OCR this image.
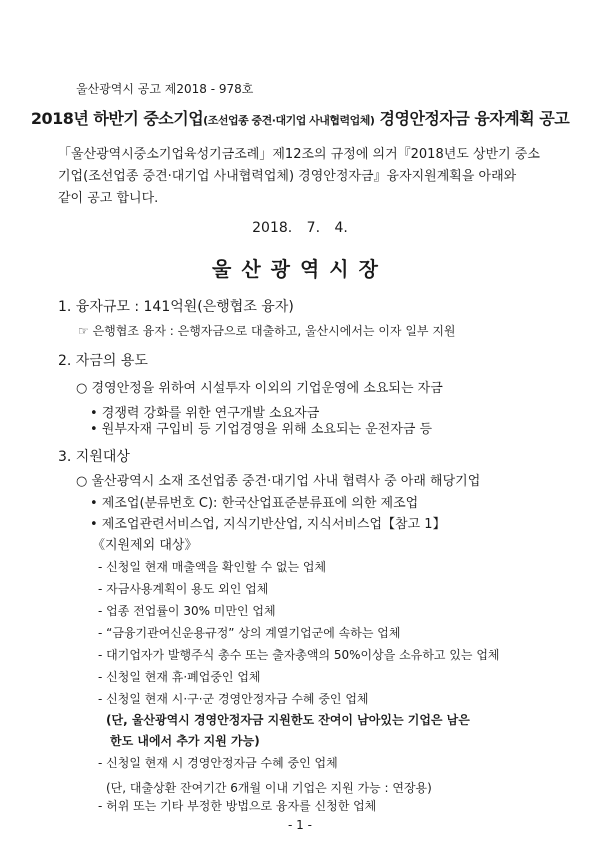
울산광역시 공고 제2018 - 978호
2018년 하반기 중소기업(조선업종 중견·대기업 사내협력업체) 경영안정자금 융자계획 공고

「울산광역시중소기업육성기금조례」제12조의 규정에 의거『2018년도 상반기 중소

기업(조선업종 중견·대기업 사내협력업체) 경영안정자금』융자지원계획을 아래와

같이 공고 합니다.

2018. 7. 4.
울산광역시장
1. 융자규모 : 141억원(은행협조 융자)
☞ 은행협조 융자 : 은행자금으로 대출하고, 울산시에서는 이자 일부 지원
2. 자금의 용도
○ 경영안정을 위하여 시설투자 이외의 기업운영에 소요되는 자금
• 경쟁력 강화를 위한 연구개발 소요자금
• 원부자재 구입비 등 기업경영을 위해 소요되는 운전자금 등
3. 지원대상
○ 울산광역시 소재 조선업종 중견·대기업 사내 협력사 중 아래 해당기업
• 제조업(분류번호 C): 한국산업표준분류표에 의한 제조업
• 제조업관련서비스업, 지식기반산업, 지식서비스업【참고 1】
《지원제외 대상》
- 신청일 현재 매출액을 확인할 수 없는 업체
- 자금사용계획이 용도 외인 업체
- 업종 전업률이 30% 미만인 업체
- “금융기관여신운용규정” 상의 계열기업군에 속하는 업체
- 대기업자가 발행주식 총수 또는 출자총액의 50%이상을 소유하고 있는 업체
- 신청일 현재 휴·폐업중인 업체
- 신청일 현재 시·구·군 경영안정자금 수혜 중인 업체
(단, 울산광역시 경영안정자금 지원한도 잔여이 남아있는 기업은 남은
한도 내에서 추가 지원 가능)
- 신청일 현재 시 경영안정자금 수혜 중인 업체
(단, 대출상환 잔여기간 6개월 이내 기업은 지원 가능 : 연장용)
- 허위 또는 기타 부정한 방법으로 융자를 신청한 업체
- 1 -
